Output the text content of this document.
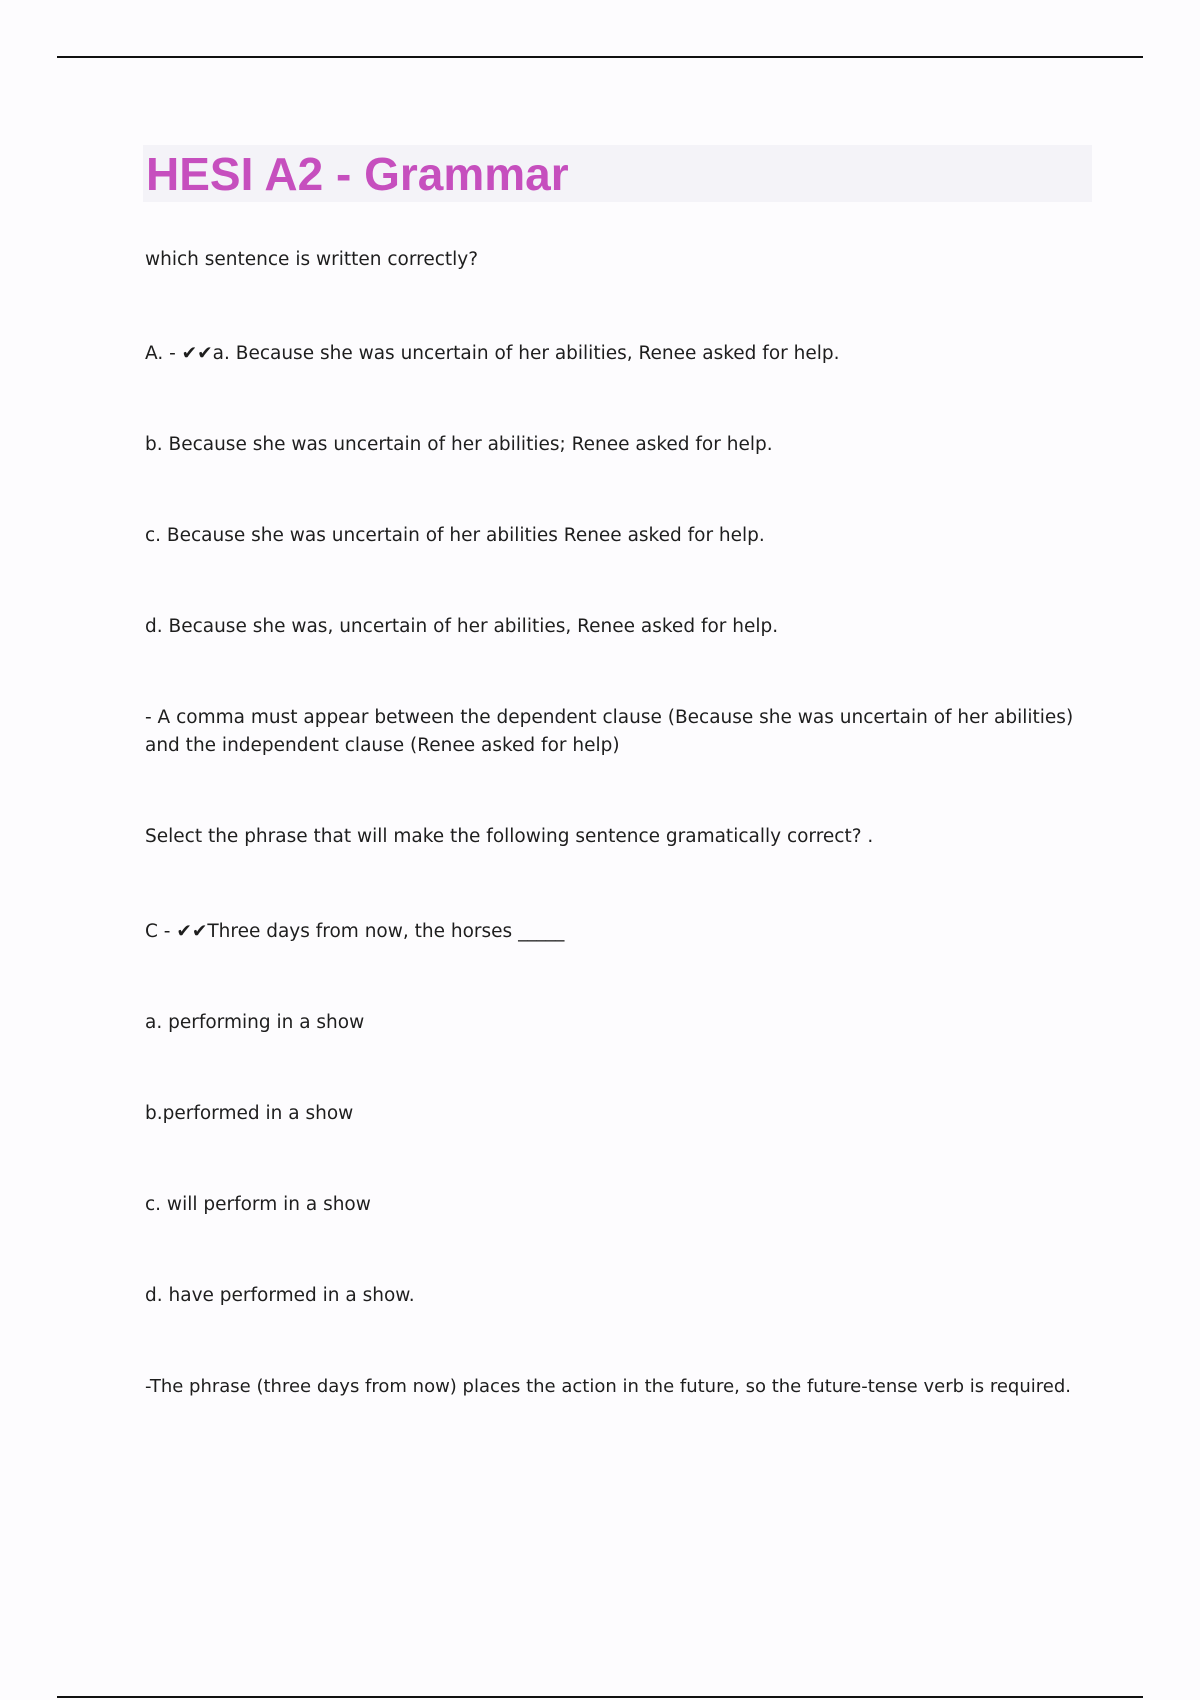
HESI A2 - Grammar

which sentence is written correctly?

A. - ✔✔a. Because she was uncertain of her abilities, Renee asked for help.

b. Because she was uncertain of her abilities; Renee asked for help.

c. Because she was uncertain of her abilities Renee asked for help.

d. Because she was, uncertain of her abilities, Renee asked for help.

- A comma must appear between the dependent clause (Because she was uncertain of her abilities) and the independent clause (Renee asked for help)

Select the phrase that will make the following sentence gramatically correct? .

C - ✔✔Three days from now, the horses _____

a. performing in a show

b.performed in a show

c. will perform in a show

d. have performed in a show.

-The phrase (three days from now) places the action in the future, so the future-tense verb is required.
